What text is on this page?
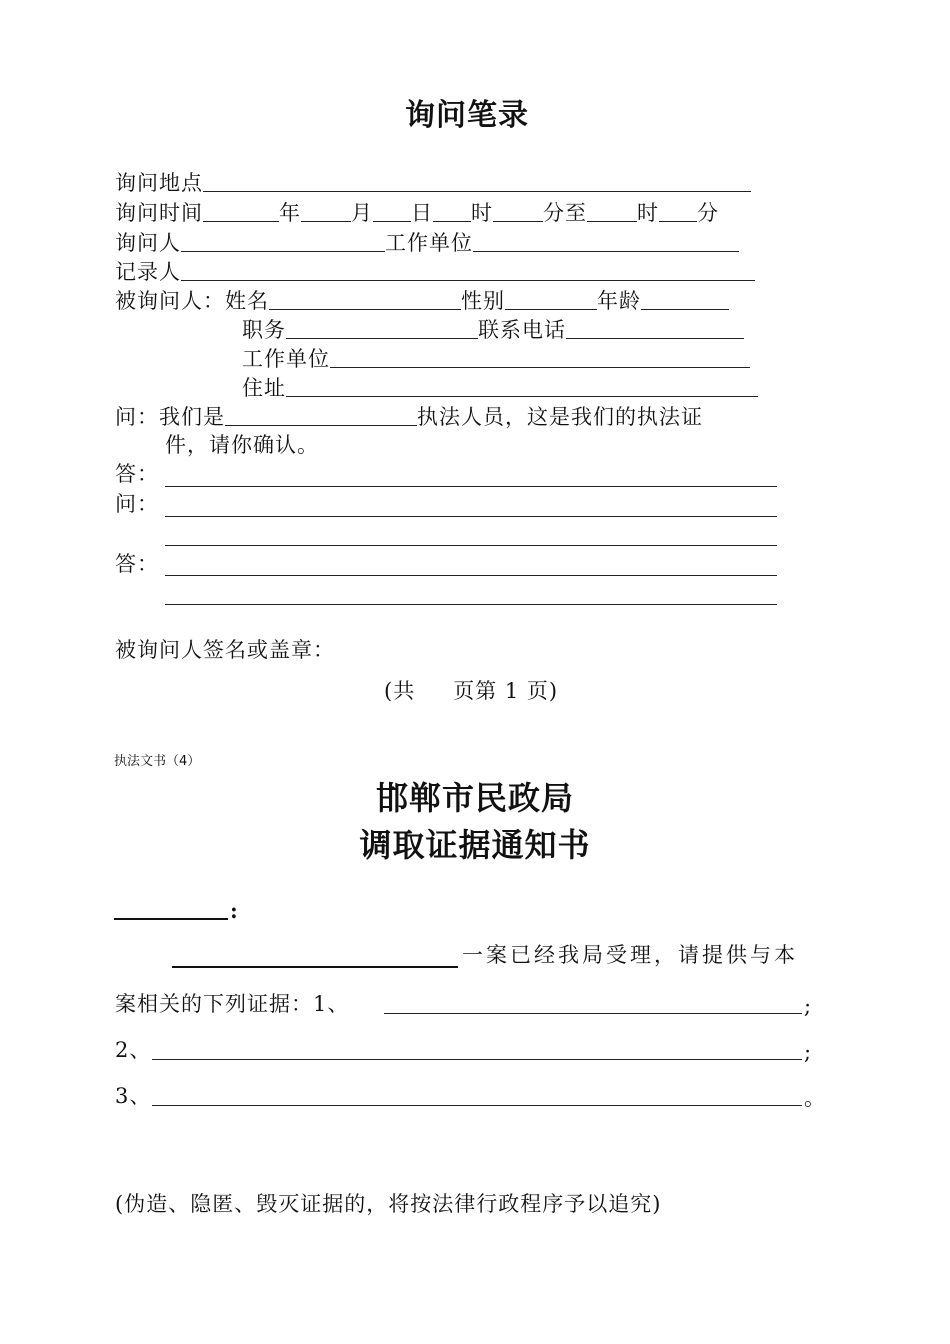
询问笔录
询问地点
询问时间	年 月 日 时 分至 时 分
询问人	工作单位
记录人
被询问人：姓名	性别	年龄
职务	联系电话
工作单位
住址
问：我们是	执法人员，这是我们的执法证
件，请你确认。
答：
问：
答：
被询问人签名或盖章：
(共 页第 1 页)
执法文书（4）
邯郸市民政局
调取证据通知书
:
一案已经我局受理，请提供与本
案相关的下列证据：1、	;
2、	;
3、	。
(伪造、隐匿、毁灭证据的，将按法律行政程序予以追究)
